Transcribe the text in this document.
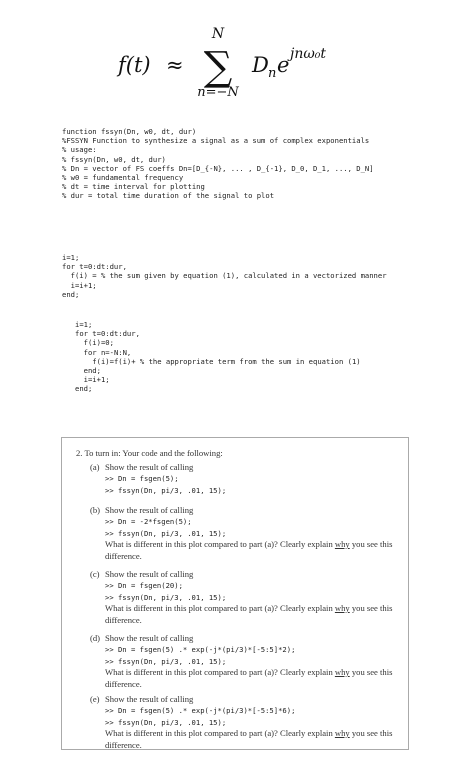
f(t) ≈
N
∑
n=−N
D n e jnω₀t
function fssyn(Dn, w0, dt, dur)
%FSSYN Function to synthesize a signal as a sum of complex exponentials
% usage:
% fssyn(Dn, w0, dt, dur)
% Dn = vector of FS coeffs Dn=[D_{-N}, ... , D_{-1}, D_0, D_1, ..., D_N]
% w0 = fundamental frequency
% dt = time interval for plotting
% dur = total time duration of the signal to plot
i=1;
for t=0:dt:dur,
f(i) = % the sum given by equation (1), calculated in a vectorized manner
i=i+1;
end;
i=1;
for t=0:dt:dur,
f(i)=0;
for n=-N:N,
f(i)=f(i)+ % the appropriate term from the sum in equation (1)
end;
i=i+1;
end;
2. To turn in: Your code and the following:
(a) Show the result of calling
>> Dn = fsgen(5);
>> fssyn(Dn, pi/3, .01, 15);
(b) Show the result of calling
>> Dn = -2*fsgen(5);
>> fssyn(Dn, pi/3, .01, 15);
What is different in this plot compared to part (a)? Clearly explain why you see this difference.
(c) Show the result of calling
>> Dn = fsgen(20);
>> fssyn(Dn, pi/3, .01, 15);
What is different in this plot compared to part (a)? Clearly explain why you see this difference.
(d) Show the result of calling
>> Dn = fsgen(5) .* exp(-j*(pi/3)*[-5:5]*2);
>> fssyn(Dn, pi/3, .01, 15);
What is different in this plot compared to part (a)? Clearly explain why you see this difference.
(e) Show the result of calling
>> Dn = fsgen(5) .* exp(-j*(pi/3)*[-5:5]*6);
>> fssyn(Dn, pi/3, .01, 15);
What is different in this plot compared to part (a)? Clearly explain why you see this difference.
